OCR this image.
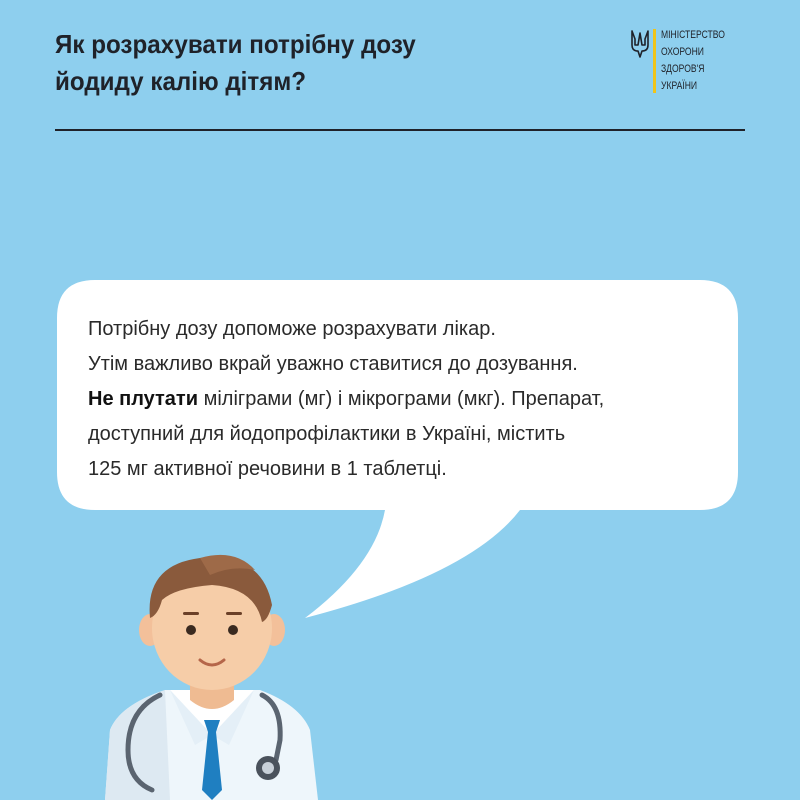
Як розрахувати потрібну дозу
йодиду калію дітям?
МІНІСТЕРСТВО
ОХОРОНИ
ЗДОРОВ'Я
УКРАЇНИ
Потрібну дозу допоможе розрахувати лікар.
Утім важливо вкрай уважно ставитися до дозування.
Не плутати міліграми (мг) і мікрограми (мкг). Препарат,
доступний для йодопрофілактики в Україні, містить
125 мг активної речовини в 1 таблетці.
